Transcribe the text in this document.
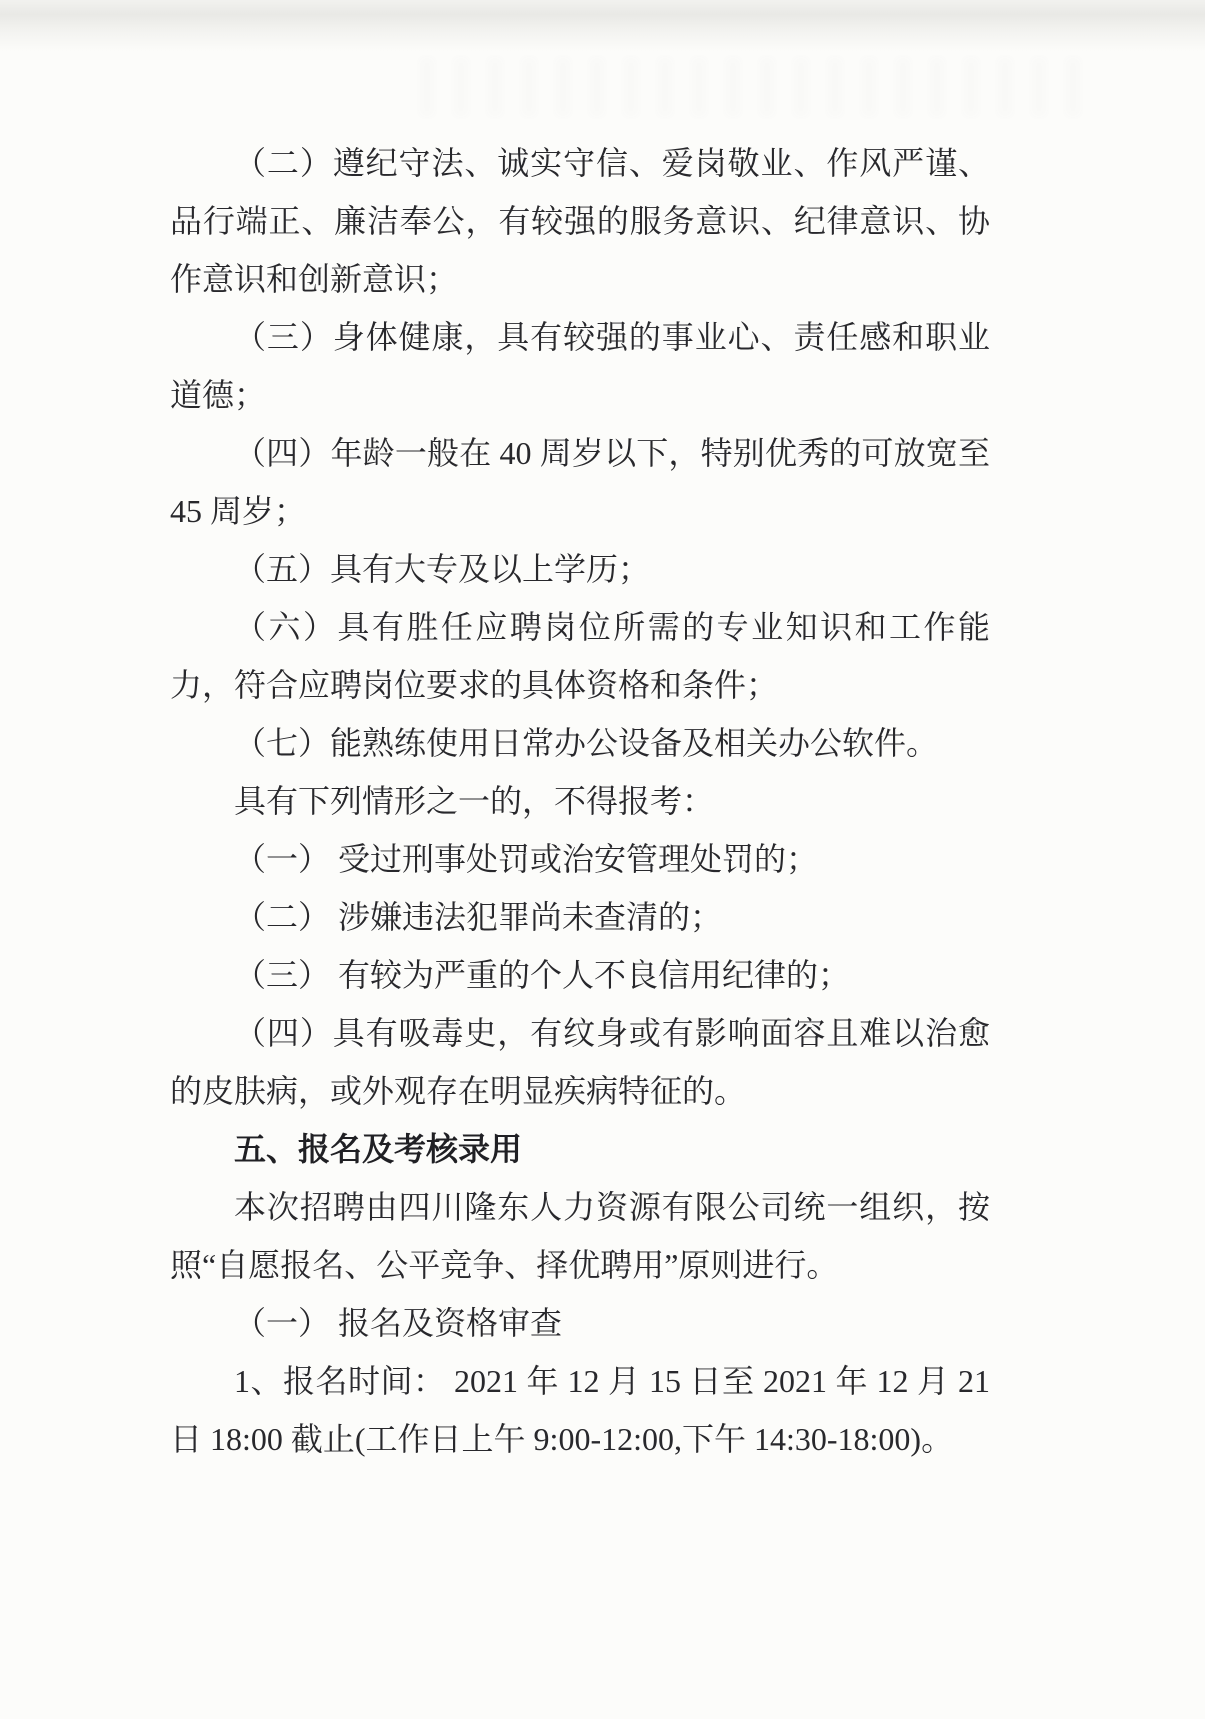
（二）遵纪守法、诚实守信、爱岗敬业、作风严谨、品行端正、廉洁奉公，有较强的服务意识、纪律意识、协作意识和创新意识；

（三）身体健康，具有较强的事业心、责任感和职业道德；

（四）年龄一般在 40 周岁以下，特别优秀的可放宽至 45 周岁；

（五）具有大专及以上学历；

（六）具有胜任应聘岗位所需的专业知识和工作能力，符合应聘岗位要求的具体资格和条件；

（七）能熟练使用日常办公设备及相关办公软件。

具有下列情形之一的，不得报考：

（一） 受过刑事处罚或治安管理处罚的；

（二） 涉嫌违法犯罪尚未查清的；

（三） 有较为严重的个人不良信用纪律的；

（四）具有吸毒史，有纹身或有影响面容且难以治愈的皮肤病，或外观存在明显疾病特征的。

五、报名及考核录用

本次招聘由四川隆东人力资源有限公司统一组织，按照“自愿报名、公平竞争、择优聘用”原则进行。

（一） 报名及资格审查

1、报名时间： 2021 年 12 月 15 日至 2021 年 12 月 21 日 18:00 截止(工作日上午 9:00-12:00,下午 14:30-18:00)。
